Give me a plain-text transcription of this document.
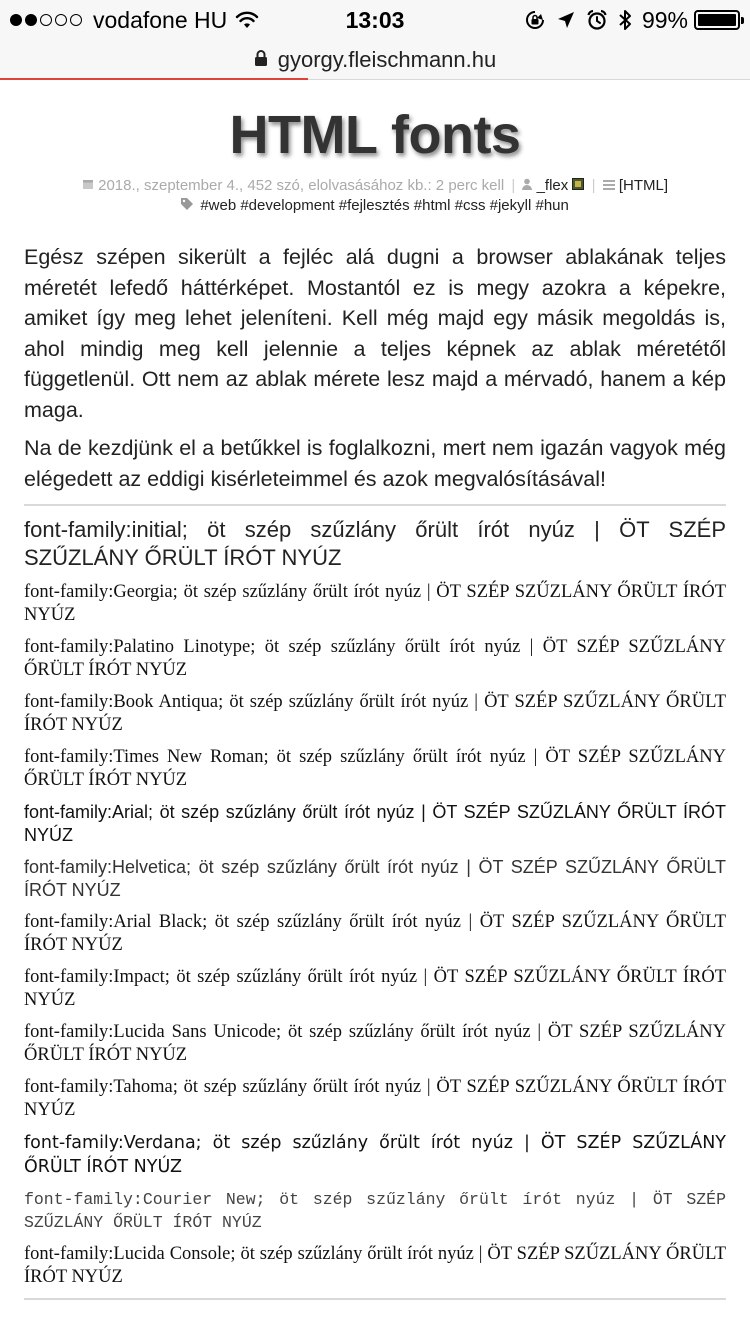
vodafone HU	13:03	99%
gyorgy.fleischmann.hu
HTML fonts
2018., szeptember 4., 452 szó, elolvasásához kb.: 2 perc kell | _flex | [HTML]
#web #development #fejlesztés #html #css #jekyll #hun

Egész szépen sikerült a fejléc alá dugni a browser ablakának teljes méretét lefedő háttérképet. Mostantól ez is megy azokra a képekre, amiket így meg lehet jeleníteni. Kell még majd egy másik megoldás is, ahol mindig meg kell jelennie a teljes képnek az ablak méretétől függetlenül. Ott nem az ablak mérete lesz majd a mérvadó, hanem a kép maga.

Na de kezdjünk el a betűkkel is foglalkozni, mert nem igazán vagyok még elégedett az eddigi kisérleteimmel és azok megvalósításával!

font-family:initial; öt szép szűzlány őrült írót nyúz | ÖT SZÉP SZŰZLÁNY ŐRÜLT ÍRÓT NYÚZ

font-family:Georgia; öt szép szűzlány őrült írót nyúz | ÖT SZÉP SZŰZLÁNY ŐRÜLT ÍRÓT NYÚZ

font-family:Palatino Linotype; öt szép szűzlány őrült írót nyúz | ÖT SZÉP SZŰZLÁNY ŐRÜLT ÍRÓT NYÚZ

font-family:Book Antiqua; öt szép szűzlány őrült írót nyúz | ÖT SZÉP SZŰZLÁNY ŐRÜLT ÍRÓT NYÚZ

font-family:Times New Roman; öt szép szűzlány őrült írót nyúz | ÖT SZÉP SZŰZLÁNY ŐRÜLT ÍRÓT NYÚZ

font-family:Arial; öt szép szűzlány őrült írót nyúz | ÖT SZÉP SZŰZLÁNY ŐRÜLT ÍRÓT NYÚZ

font-family:Helvetica; öt szép szűzlány őrült írót nyúz | ÖT SZÉP SZŰZLÁNY ŐRÜLT ÍRÓT NYÚZ

font-family:Arial Black; öt szép szűzlány őrült írót nyúz | ÖT SZÉP SZŰZLÁNY ŐRÜLT ÍRÓT NYÚZ

font-family:Impact; öt szép szűzlány őrült írót nyúz | ÖT SZÉP SZŰZLÁNY ŐRÜLT ÍRÓT NYÚZ

font-family:Lucida Sans Unicode; öt szép szűzlány őrült írót nyúz | ÖT SZÉP SZŰZLÁNY ŐRÜLT ÍRÓT NYÚZ

font-family:Tahoma; öt szép szűzlány őrült írót nyúz | ÖT SZÉP SZŰZLÁNY ŐRÜLT ÍRÓT NYÚZ

font-family:Verdana; öt szép szűzlány őrült írót nyúz | ÖT SZÉP SZŰZLÁNY ŐRÜLT ÍRÓT NYÚZ

font-family:Courier New; öt szép szűzlány őrült írót nyúz | ÖT SZÉP SZŰZLÁNY ŐRÜLT ÍRÓT NYÚZ

font-family:Lucida Console; öt szép szűzlány őrült írót nyúz | ÖT SZÉP SZŰZLÁNY ŐRÜLT ÍRÓT NYÚZ
